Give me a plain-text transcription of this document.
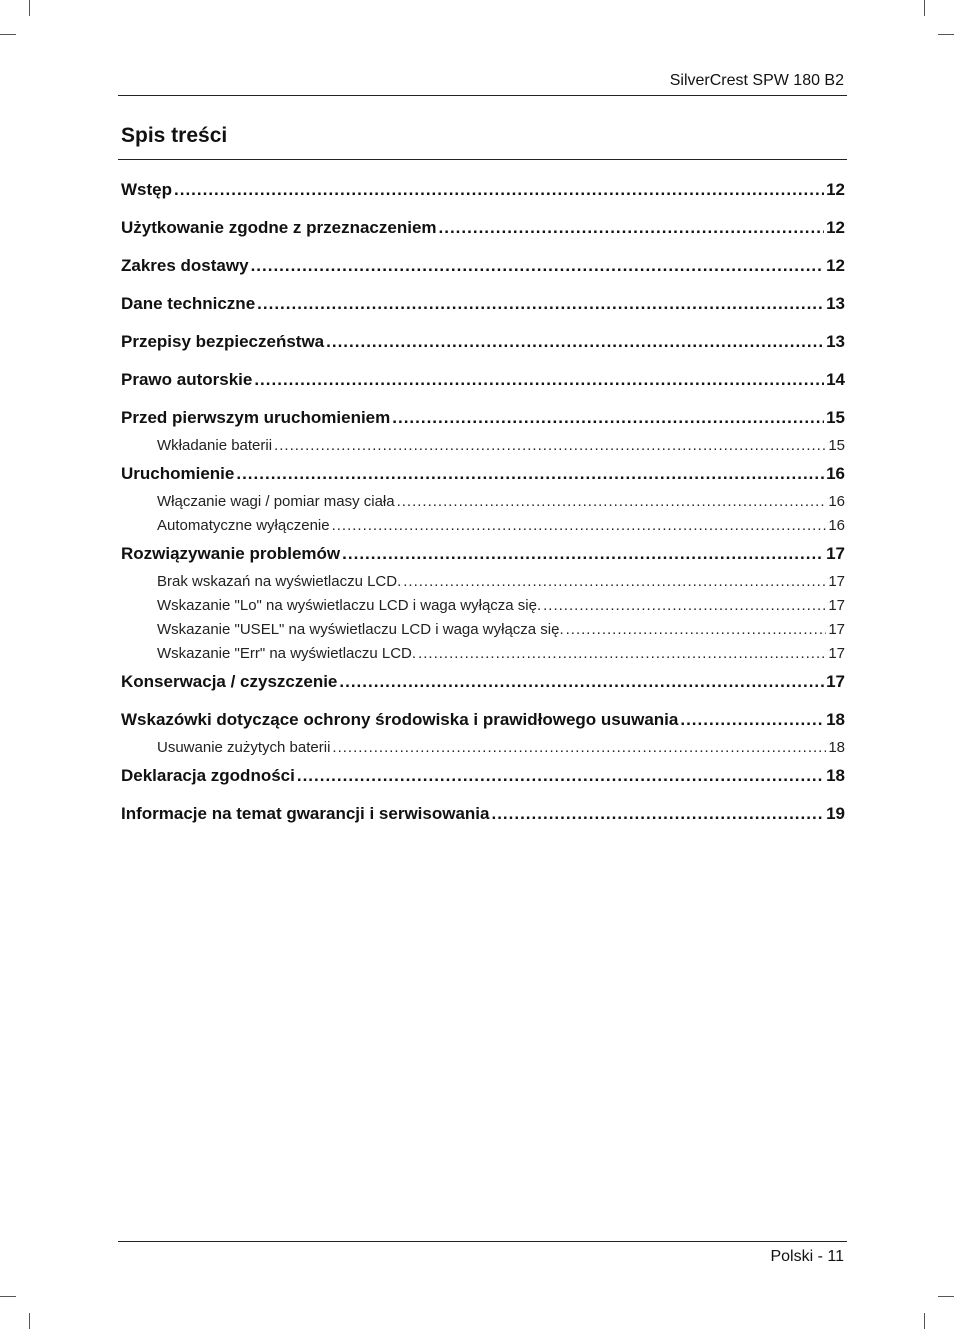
SilverCrest SPW 180 B2
Spis treści
Wstęp .....	12
Użytkowanie zgodne z przeznaczeniem .....	12
Zakres dostawy .....	12
Dane techniczne .....	13
Przepisy bezpieczeństwa .....	13
Prawo autorskie .....	14
Przed pierwszym uruchomieniem .....	15
Wkładanie baterii .....	15
Uruchomienie .....	16
Włączanie wagi / pomiar masy ciała .....	16
Automatyczne wyłączenie .....	16
Rozwiązywanie problemów .....	17
Brak wskazań na wyświetlaczu LCD. .....	17
Wskazanie "Lo" na wyświetlaczu LCD i waga wyłącza się. .....	17
Wskazanie "USEL" na wyświetlaczu LCD i waga wyłącza się. .....	17
Wskazanie "Err" na wyświetlaczu LCD. .....	17
Konserwacja / czyszczenie .....	17
Wskazówki dotyczące ochrony środowiska i prawidłowego usuwania .....	18
Usuwanie zużytych baterii .....	18
Deklaracja zgodności .....	18
Informacje na temat gwarancji i serwisowania .....	19
Polski - 11
